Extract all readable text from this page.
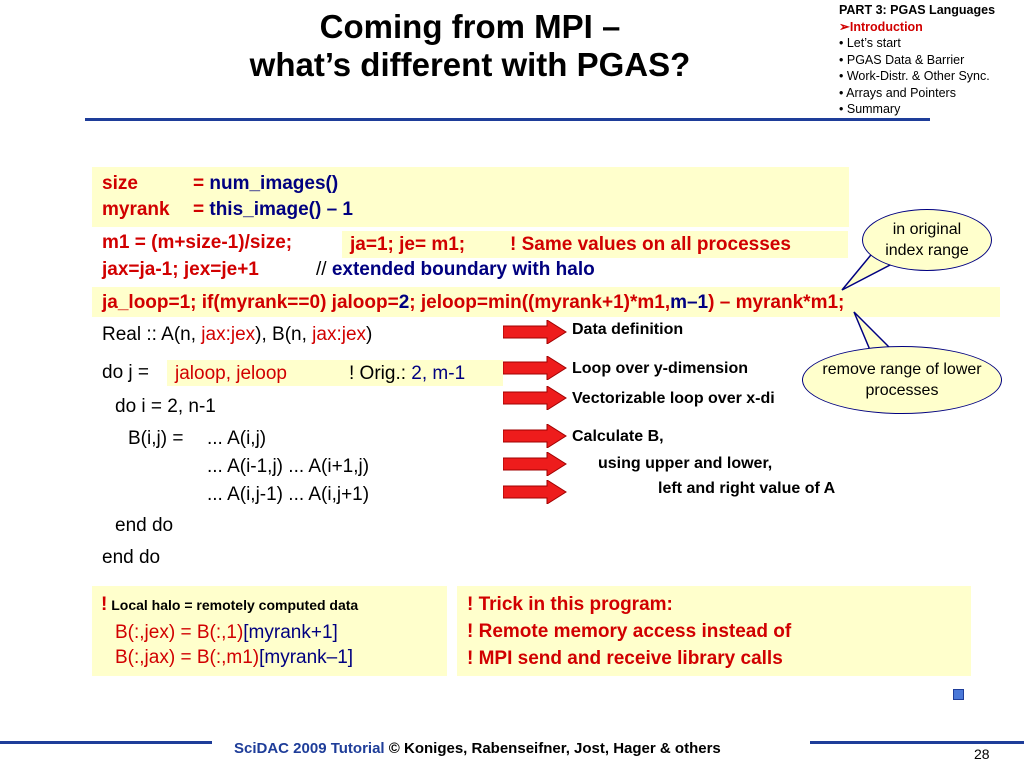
Coming from MPI –
what’s different with PGAS?
PART 3: PGAS Languages
➢Introduction
• Let’s start
• PGAS Data & Barrier
• Work-Distr. & Other Sync.
• Arrays and Pointers
• Summary
size	= num_images()
myrank = this_image() – 1
m1 = (m+size-1)/size;	ja=1; je= m1; ! Same values on all processes
jax=ja-1; jex=je+1	// extended boundary with halo
ja_loop=1; if(myrank==0) jaloop=2; jeloop=min((myrank+1)*m1,m–1) – myrank*m1;
Real :: A(n, jax:jex), B(n, jax:jex)
do j = jaloop, jeloop	! Orig.: 2, m-1
do i = 2, n-1
B(i,j) = ... A(i,j)
... A(i-1,j) ... A(i+1,j)
... A(i,j-1) ... A(i,j+1)
end do
end do
Data definition
Loop over y-dimension
Vectorizable loop over x-di
Calculate B,
using upper and lower,
left and right value of A
in original index range
remove range of lower processes
! Local halo = remotely computed data
B(:,jex) = B(:,1)[myrank+1]
B(:,jax) = B(:,m1)[myrank–1]
! Trick in this program:
! Remote memory access instead of
! MPI send and receive library calls
SciDAC 2009 Tutorial © Koniges, Rabenseifner, Jost, Hager & others	28
